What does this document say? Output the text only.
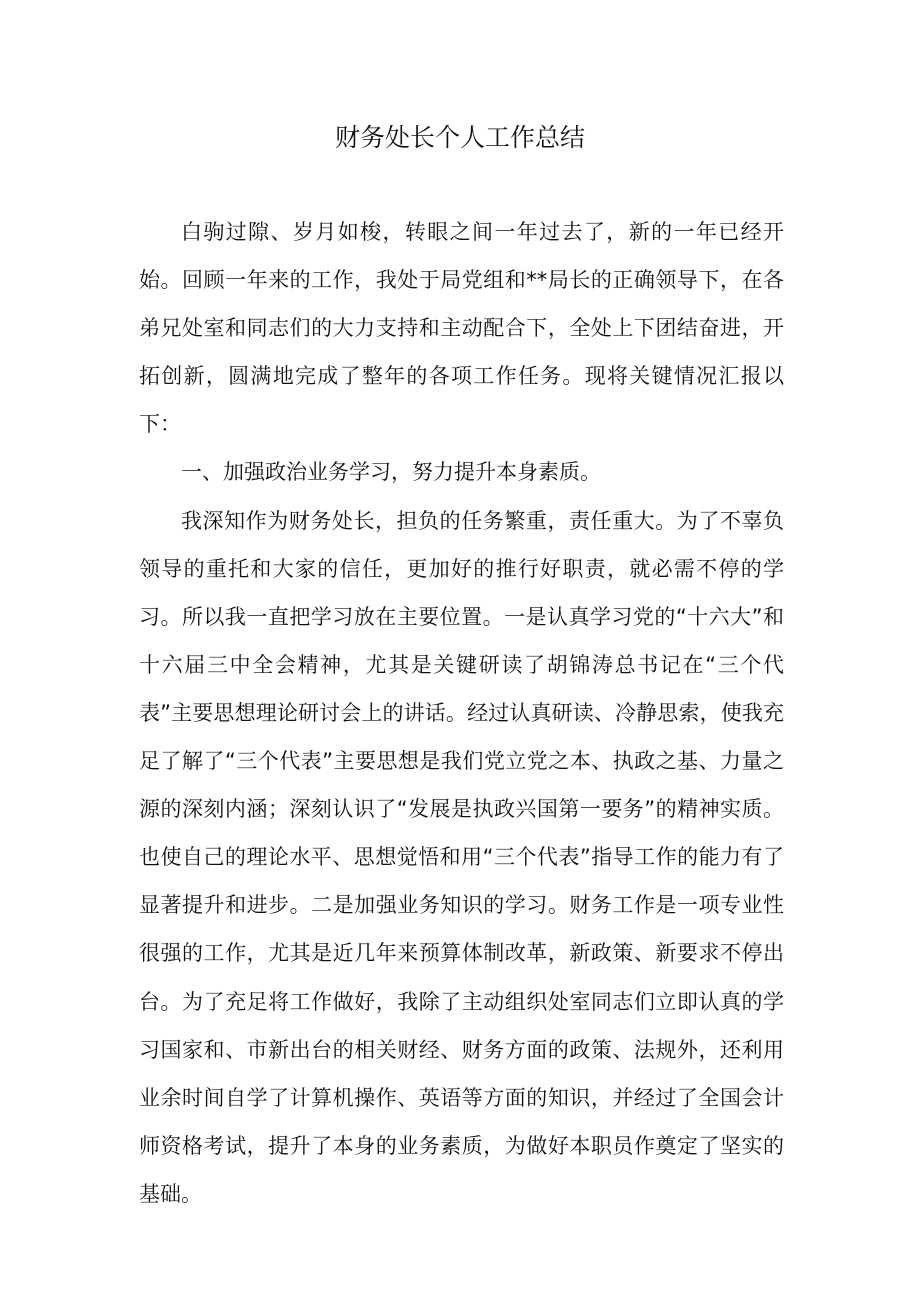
财务处长个人工作总结

白驹过隙、岁月如梭，转眼之间一年过去了，新的一年已经开始。回顾一年来的工作，我处于局党组和**局长的正确领导下，在各弟兄处室和同志们的大力支持和主动配合下，全处上下团结奋进，开拓创新，圆满地完成了整年的各项工作任务。现将关键情况汇报以下：

一、加强政治业务学习，努力提升本身素质。

我深知作为财务处长，担负的任务繁重，责任重大。为了不辜负领导的重托和大家的信任，更加好的推行好职责，就必需不停的学习。所以我一直把学习放在主要位置。一是认真学习党的“十六大”和十六届三中全会精神，尤其是关键研读了胡锦涛总书记在“三个代表”主要思想理论研讨会上的讲话。经过认真研读、冷静思索，使我充足了解了“三个代表”主要思想是我们党立党之本、执政之基、力量之源的深刻内涵；深刻认识了“发展是执政兴国第一要务”的精神实质。也使自己的理论水平、思想觉悟和用“三个代表”指导工作的能力有了显著提升和进步。二是加强业务知识的学习。财务工作是一项专业性很强的工作，尤其是近几年来预算体制改革，新政策、新要求不停出台。为了充足将工作做好，我除了主动组织处室同志们立即认真的学习国家和、市新出台的相关财经、财务方面的政策、法规外，还利用业余时间自学了计算机操作、英语等方面的知识，并经过了全国会计师资格考试，提升了本身的业务素质，为做好本职员作奠定了坚实的基础。
